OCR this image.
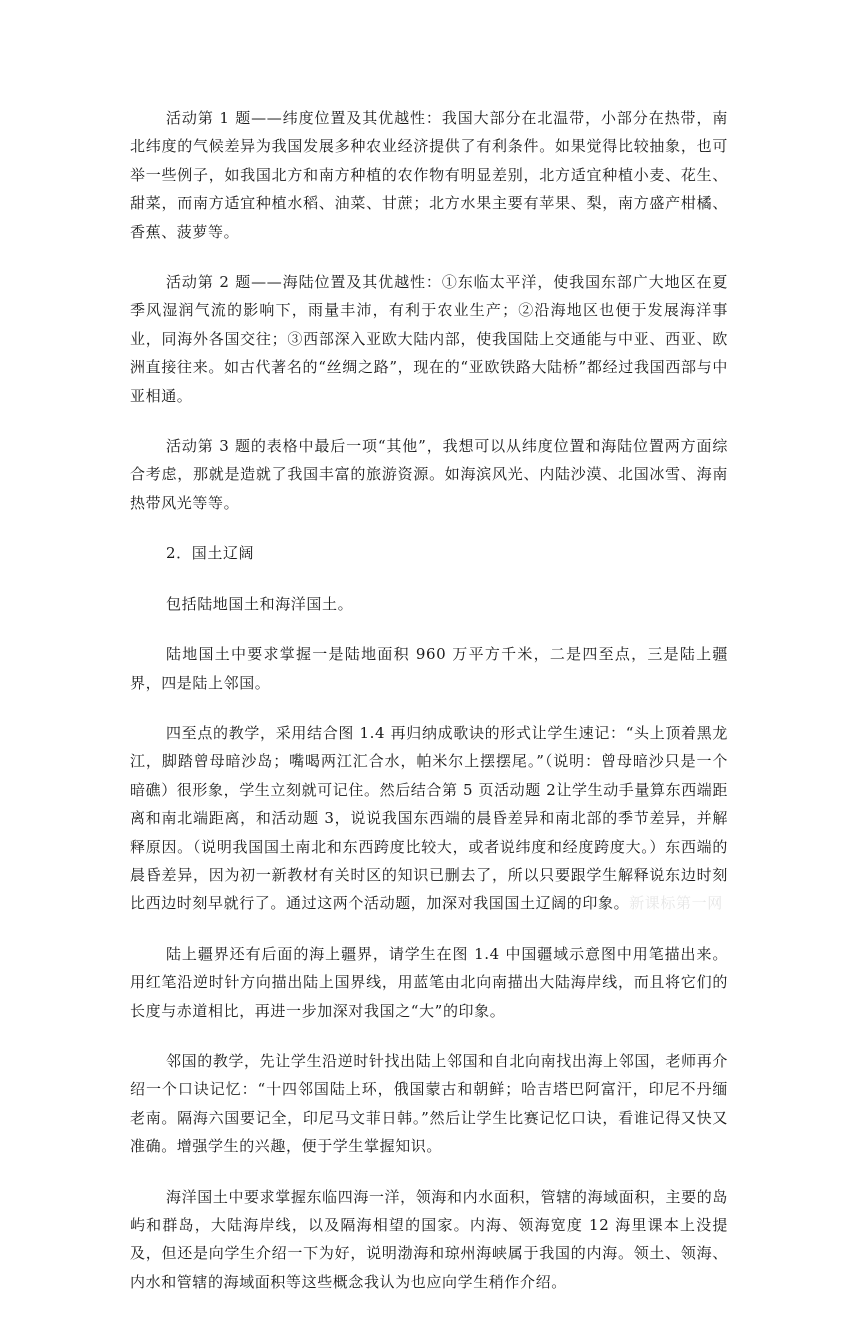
活动第 1 题——纬度位置及其优越性：我国大部分在北温带，小部分在热带，南北纬度的气候差异为我国发展多种农业经济提供了有利条件。如果觉得比较抽象，也可举一些例子，如我国北方和南方种植的农作物有明显差别，北方适宜种植小麦、花生、甜菜，而南方适宜种植水稻、油菜、甘蔗；北方水果主要有苹果、梨，南方盛产柑橘、香蕉、菠萝等。

活动第 2 题——海陆位置及其优越性：①东临太平洋，使我国东部广大地区在夏季风湿润气流的影响下，雨量丰沛，有利于农业生产；②沿海地区也便于发展海洋事业，同海外各国交往；③西部深入亚欧大陆内部，使我国陆上交通能与中亚、西亚、欧洲直接往来。如古代著名的“丝绸之路”，现在的“亚欧铁路大陆桥”都经过我国西部与中亚相通。

活动第 3 题的表格中最后一项“其他”，我想可以从纬度位置和海陆位置两方面综合考虑，那就是造就了我国丰富的旅游资源。如海滨风光、内陆沙漠、北国冰雪、海南热带风光等等。

2．国土辽阔

包括陆地国土和海洋国土。

陆地国土中要求掌握一是陆地面积 960 万平方千米，二是四至点，三是陆上疆界，四是陆上邻国。

四至点的教学，采用结合图 1.4 再归纳成歌诀的形式让学生速记：“头上顶着黑龙江，脚踏曾母暗沙岛；嘴喝两江汇合水，帕米尔上摆摆尾。”（说明：曾母暗沙只是一个暗礁）很形象，学生立刻就可记住。然后结合第 5 页活动题 2让学生动手量算东西端距离和南北端距离，和活动题 3，说说我国东西端的晨昏差异和南北部的季节差异，并解释原因。（说明我国国土南北和东西跨度比较大，或者说纬度和经度跨度大。）东西端的晨昏差异，因为初一新教材有关时区的知识已删去了，所以只要跟学生解释说东边时刻比西边时刻早就行了。通过这两个活动题，加深对我国国土辽阔的印象。新课标第一网

陆上疆界还有后面的海上疆界，请学生在图 1.4 中国疆域示意图中用笔描出来。用红笔沿逆时针方向描出陆上国界线，用蓝笔由北向南描出大陆海岸线，而且将它们的长度与赤道相比，再进一步加深对我国之“大”的印象。

邻国的教学，先让学生沿逆时针找出陆上邻国和自北向南找出海上邻国，老师再介绍一个口诀记忆：“十四邻国陆上环，俄国蒙古和朝鲜；哈吉塔巴阿富汗，印尼不丹缅老南。隔海六国要记全，印尼马文菲日韩。”然后让学生比赛记忆口诀，看谁记得又快又准确。增强学生的兴趣，便于学生掌握知识。

海洋国土中要求掌握东临四海一洋，领海和内水面积，管辖的海域面积，主要的岛屿和群岛，大陆海岸线，以及隔海相望的国家。内海、领海宽度 12 海里课本上没提及，但还是向学生介绍一下为好，说明渤海和琼州海峡属于我国的内海。领土、领海、内水和管辖的海域面积等这些概念我认为也应向学生稍作介绍。
